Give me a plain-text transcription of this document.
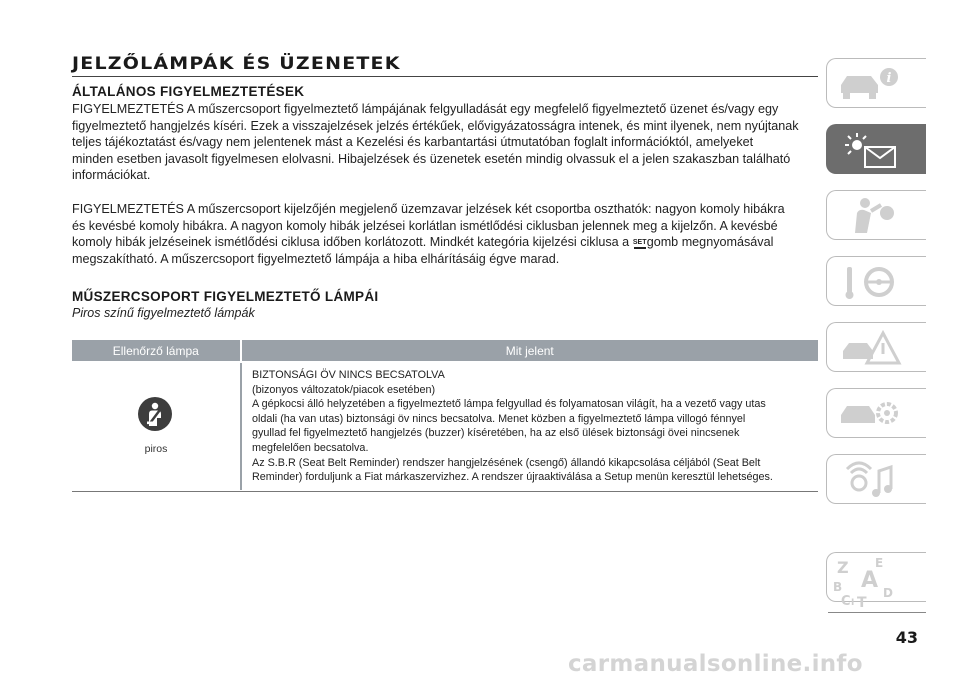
JELZŐLÁMPÁK ÉS ÜZENETEK
ÁLTALÁNOS FIGYELMEZTETÉSEK
FIGYELMEZTETÉS A műszercsoport figyelmeztető lámpájának felgyulladását egy megfelelő figyelmeztető üzenet és/vagy egy
figyelmeztető hangjelzés kíséri. Ezek a visszajelzések jelzés értékűek, elővigyázatosságra intenek, és mint ilyenek, nem nyújtanak
teljes tájékoztatást és/vagy nem jelentenek mást a Kezelési és karbantartási útmutatóban foglalt információktól, amelyeket
minden esetben javasolt figyelmesen elolvasni. Hibajelzések és üzenetek esetén mindig olvassuk el a jelen szakaszban található
információkat.
FIGYELMEZTETÉS A műszercsoport kijelzőjén megjelenő üzemzavar jelzések két csoportba oszthatók: nagyon komoly hibákra
és kevésbé komoly hibákra. A nagyon komoly hibák jelzései korlátlan ismétlődési ciklusban jelennek meg a kijelzőn. A kevésbé
komoly hibák jelzéseinek ismétlődési ciklusa időben korlátozott. Mindkét kategória kijelzési ciklusa a SET
gomb megnyomásával
megszakítható. A műszercsoport figyelmeztető lámpája a hiba elhárításáig égve marad.
MŰSZERCSOPORT FIGYELMEZTETŐ LÁMPÁI
Piros színű figyelmeztető lámpák
Ellenőrző lámpa	Mit jelent
piros
BIZTONSÁGI ÖV NINCS BECSATOLVA
(bizonyos változatok/piacok esetében)
A gépkocsi álló helyzetében a figyelmeztető lámpa felgyullad és folyamatosan világít, ha a vezető vagy utas
oldali (ha van utas) biztonsági öv nincs becsatolva. Menet közben a figyelmeztető lámpa villogó fénnyel
gyullad fel figyelmeztető hangjelzés (buzzer) kíséretében, ha az első ülések biztonsági övei nincsenek
megfelelően becsatolva.
Az S.B.R (Seat Belt Reminder) rendszer hangjelzésének (csengő) állandó kikapcsolása céljából (Seat Belt
Reminder) forduljunk a Fiat márkaszervizhez. A rendszer újraaktiválása a Setup menün keresztül lehetséges.
i
Z E
A
B
C T
D
I
43
carmanualsonline.info
